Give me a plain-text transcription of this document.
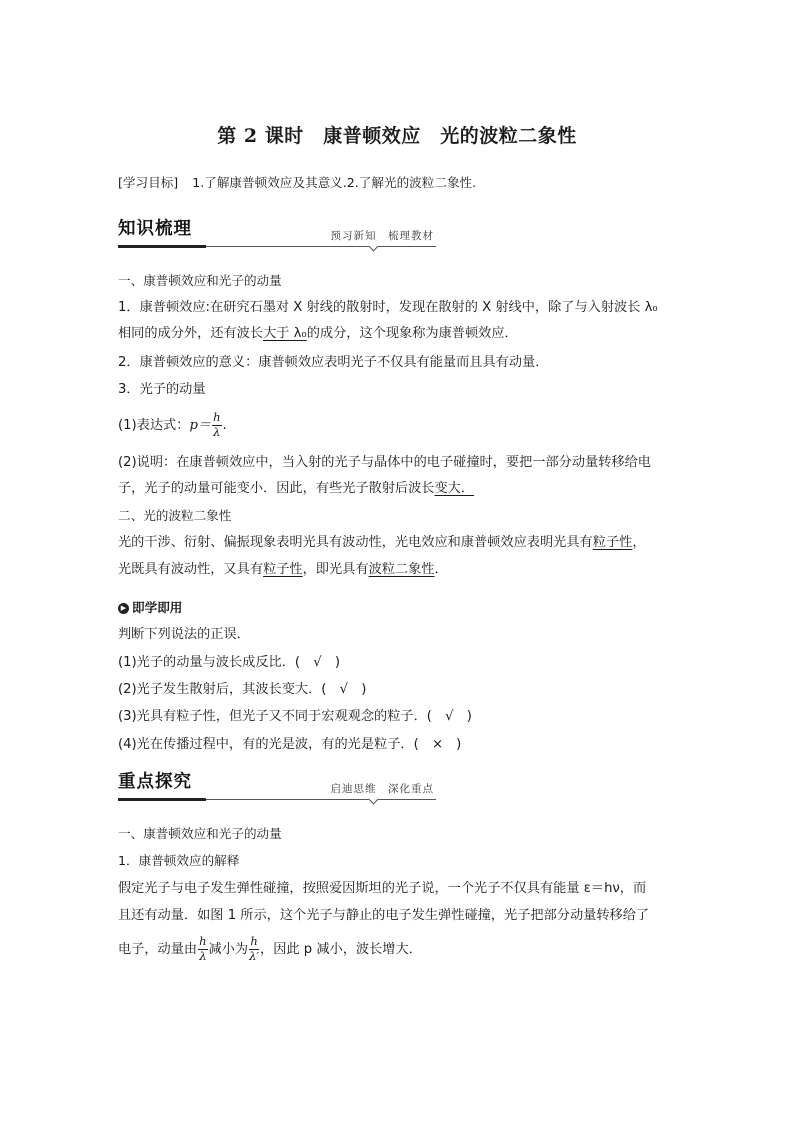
第 2 课时　康普顿效应　光的波粒二象性
[学习目标] 1.了解康普顿效应及其意义.2.了解光的波粒二象性.
知识梳理	预习新知　梳理教材
一、康普顿效应和光子的动量
1．康普顿效应:在研究石墨对 X 射线的散射时，发现在散射的 X 射线中，除了与入射波长 λ₀
相同的成分外，还有波长大于 λ₀的成分，这个现象称为康普顿效应．
2．康普顿效应的意义：康普顿效应表明光子不仅具有能量而且具有动量．
3．光子的动量
(1)表达式：$p= \frac{h}{\lambda}$ .
(2)说明：在康普顿效应中，当入射的光子与晶体中的电子碰撞时，要把一部分动量转移给电
子，光子的动量可能变小．因此，有些光子散射后波长变大．
二、光的波粒二象性
光的干涉、衍射、偏振现象表明光具有波动性，光电效应和康普顿效应表明光具有粒子性，
光既具有波动性，又具有粒子性，即光具有波粒二象性．
▶ 即学即用
判断下列说法的正误．
(1)光子的动量与波长成反比．(　√　)
(2)光子发生散射后，其波长变大．(　√　)
(3)光具有粒子性，但光子又不同于宏观观念的粒子．(　√　)
(4)光在传播过程中，有的光是波，有的光是粒子．(　×　)
重点探究	启迪思维　深化重点
一、康普顿效应和光子的动量
1．康普顿效应的解释
假定光子与电子发生弹性碰撞，按照爱因斯坦的光子说，一个光子不仅具有能量 ε＝hν，而
且还有动量．如图 1 所示，这个光子与静止的电子发生弹性碰撞，光子把部分动量转移给了
电子，动量由 $\frac{h}{\lambda}$ 减小为 $\frac{h}{\lambda'}$ ，因此 p 减小，波长增大．
